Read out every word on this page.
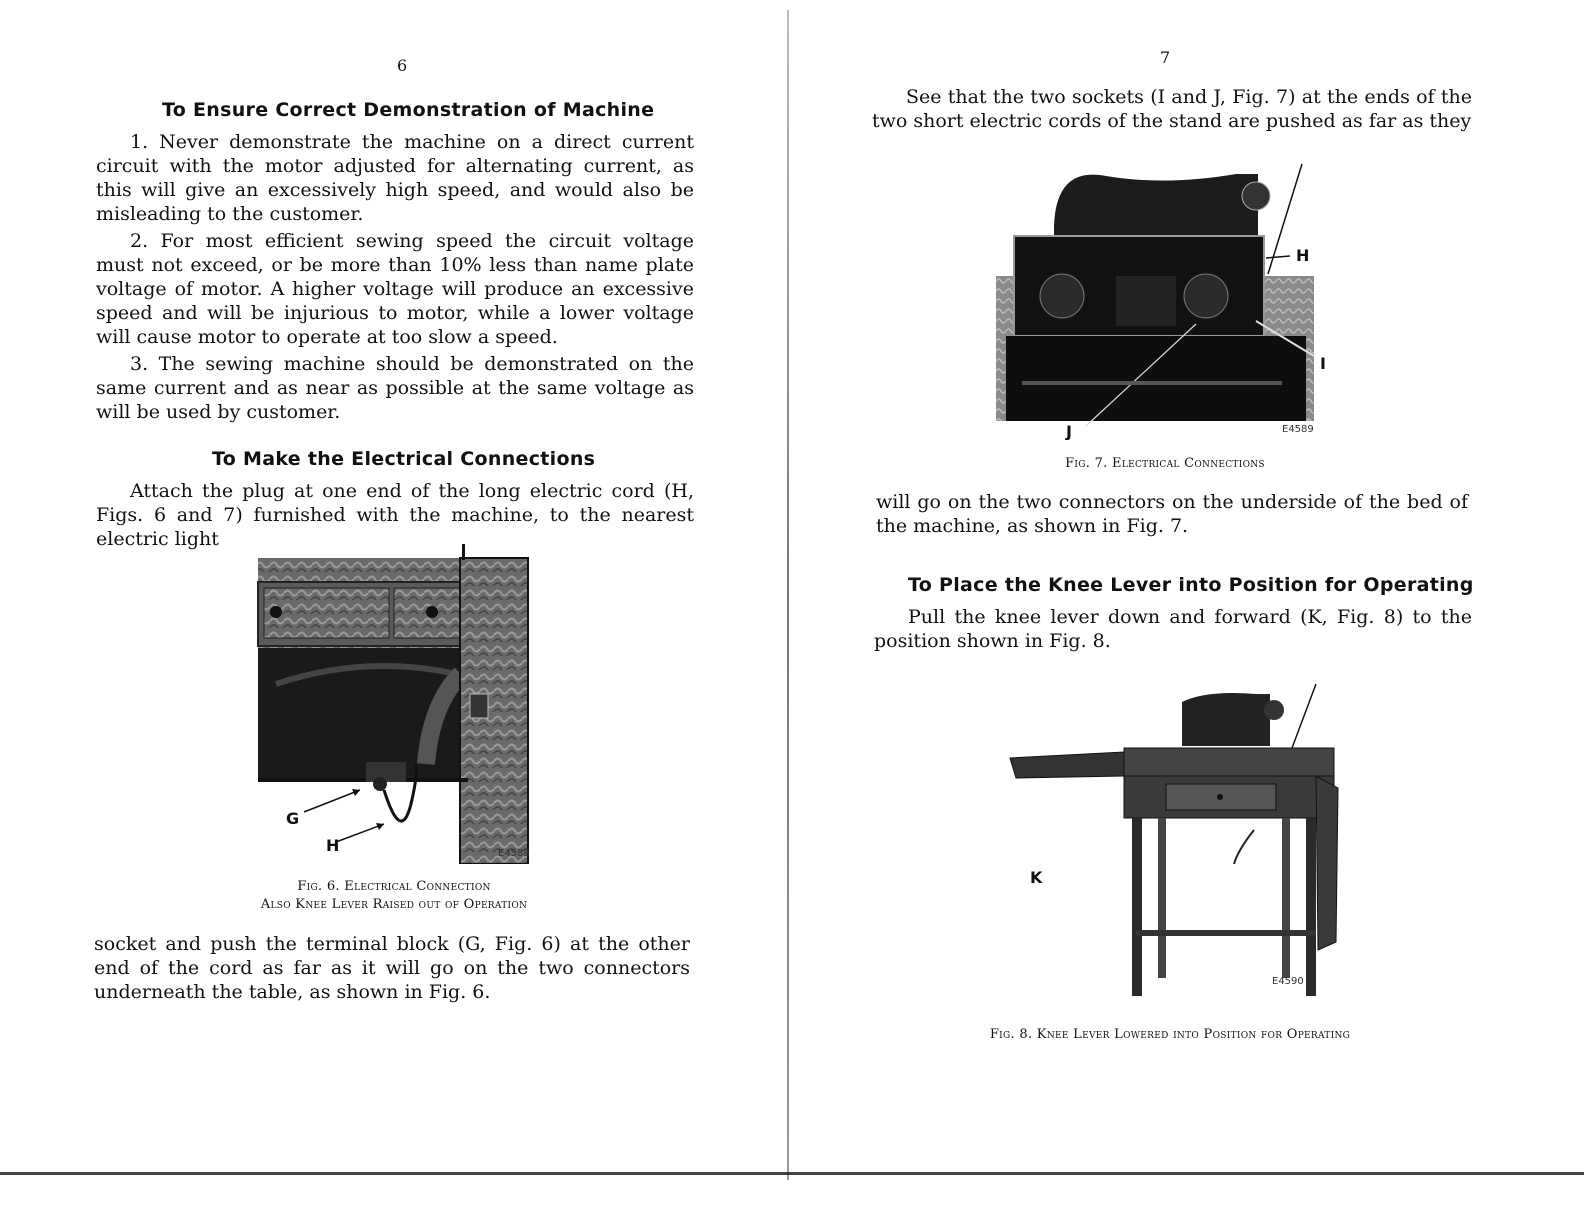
6
To Ensure Correct Demonstration of Machine

1. Never demonstrate the machine on a direct current circuit with the motor adjusted for alternating current, as this will give an excessively high speed, and would also be misleading to the customer.

2. For most efficient sewing speed the circuit voltage must not exceed, or be more than 10% less than name plate voltage of motor. A higher voltage will produce an excessive speed and will be injurious to motor, while a lower voltage will cause motor to operate at too slow a speed.

3. The sewing machine should be demonstrated on the same current and as near as possible at the same voltage as will be used by customer.

To Make the Electrical Connections

Attach the plug at one end of the long electric cord (H, Figs. 6 and 7) furnished with the machine, to the nearest electric light

G
H	E4588
Fig. 6. Electrical Connection
Also Knee Lever Raised out of Operation

socket and push the terminal block (G, Fig. 6) at the other end of the cord as far as it will go on the two connectors underneath the table, as shown in Fig. 6.

7

See that the two sockets (I and J, Fig. 7) at the ends of the two short electric cords of the stand are pushed as far as they

H
I
J	E4589
Fig. 7. Electrical Connections

will go on the two connectors on the underside of the bed of the machine, as shown in Fig. 7.

To Place the Knee Lever into Position for Operating

Pull the knee lever down and forward (K, Fig. 8) to the position shown in Fig. 8.

K
E4590
Fig. 8. Knee Lever Lowered into Position for Operating
